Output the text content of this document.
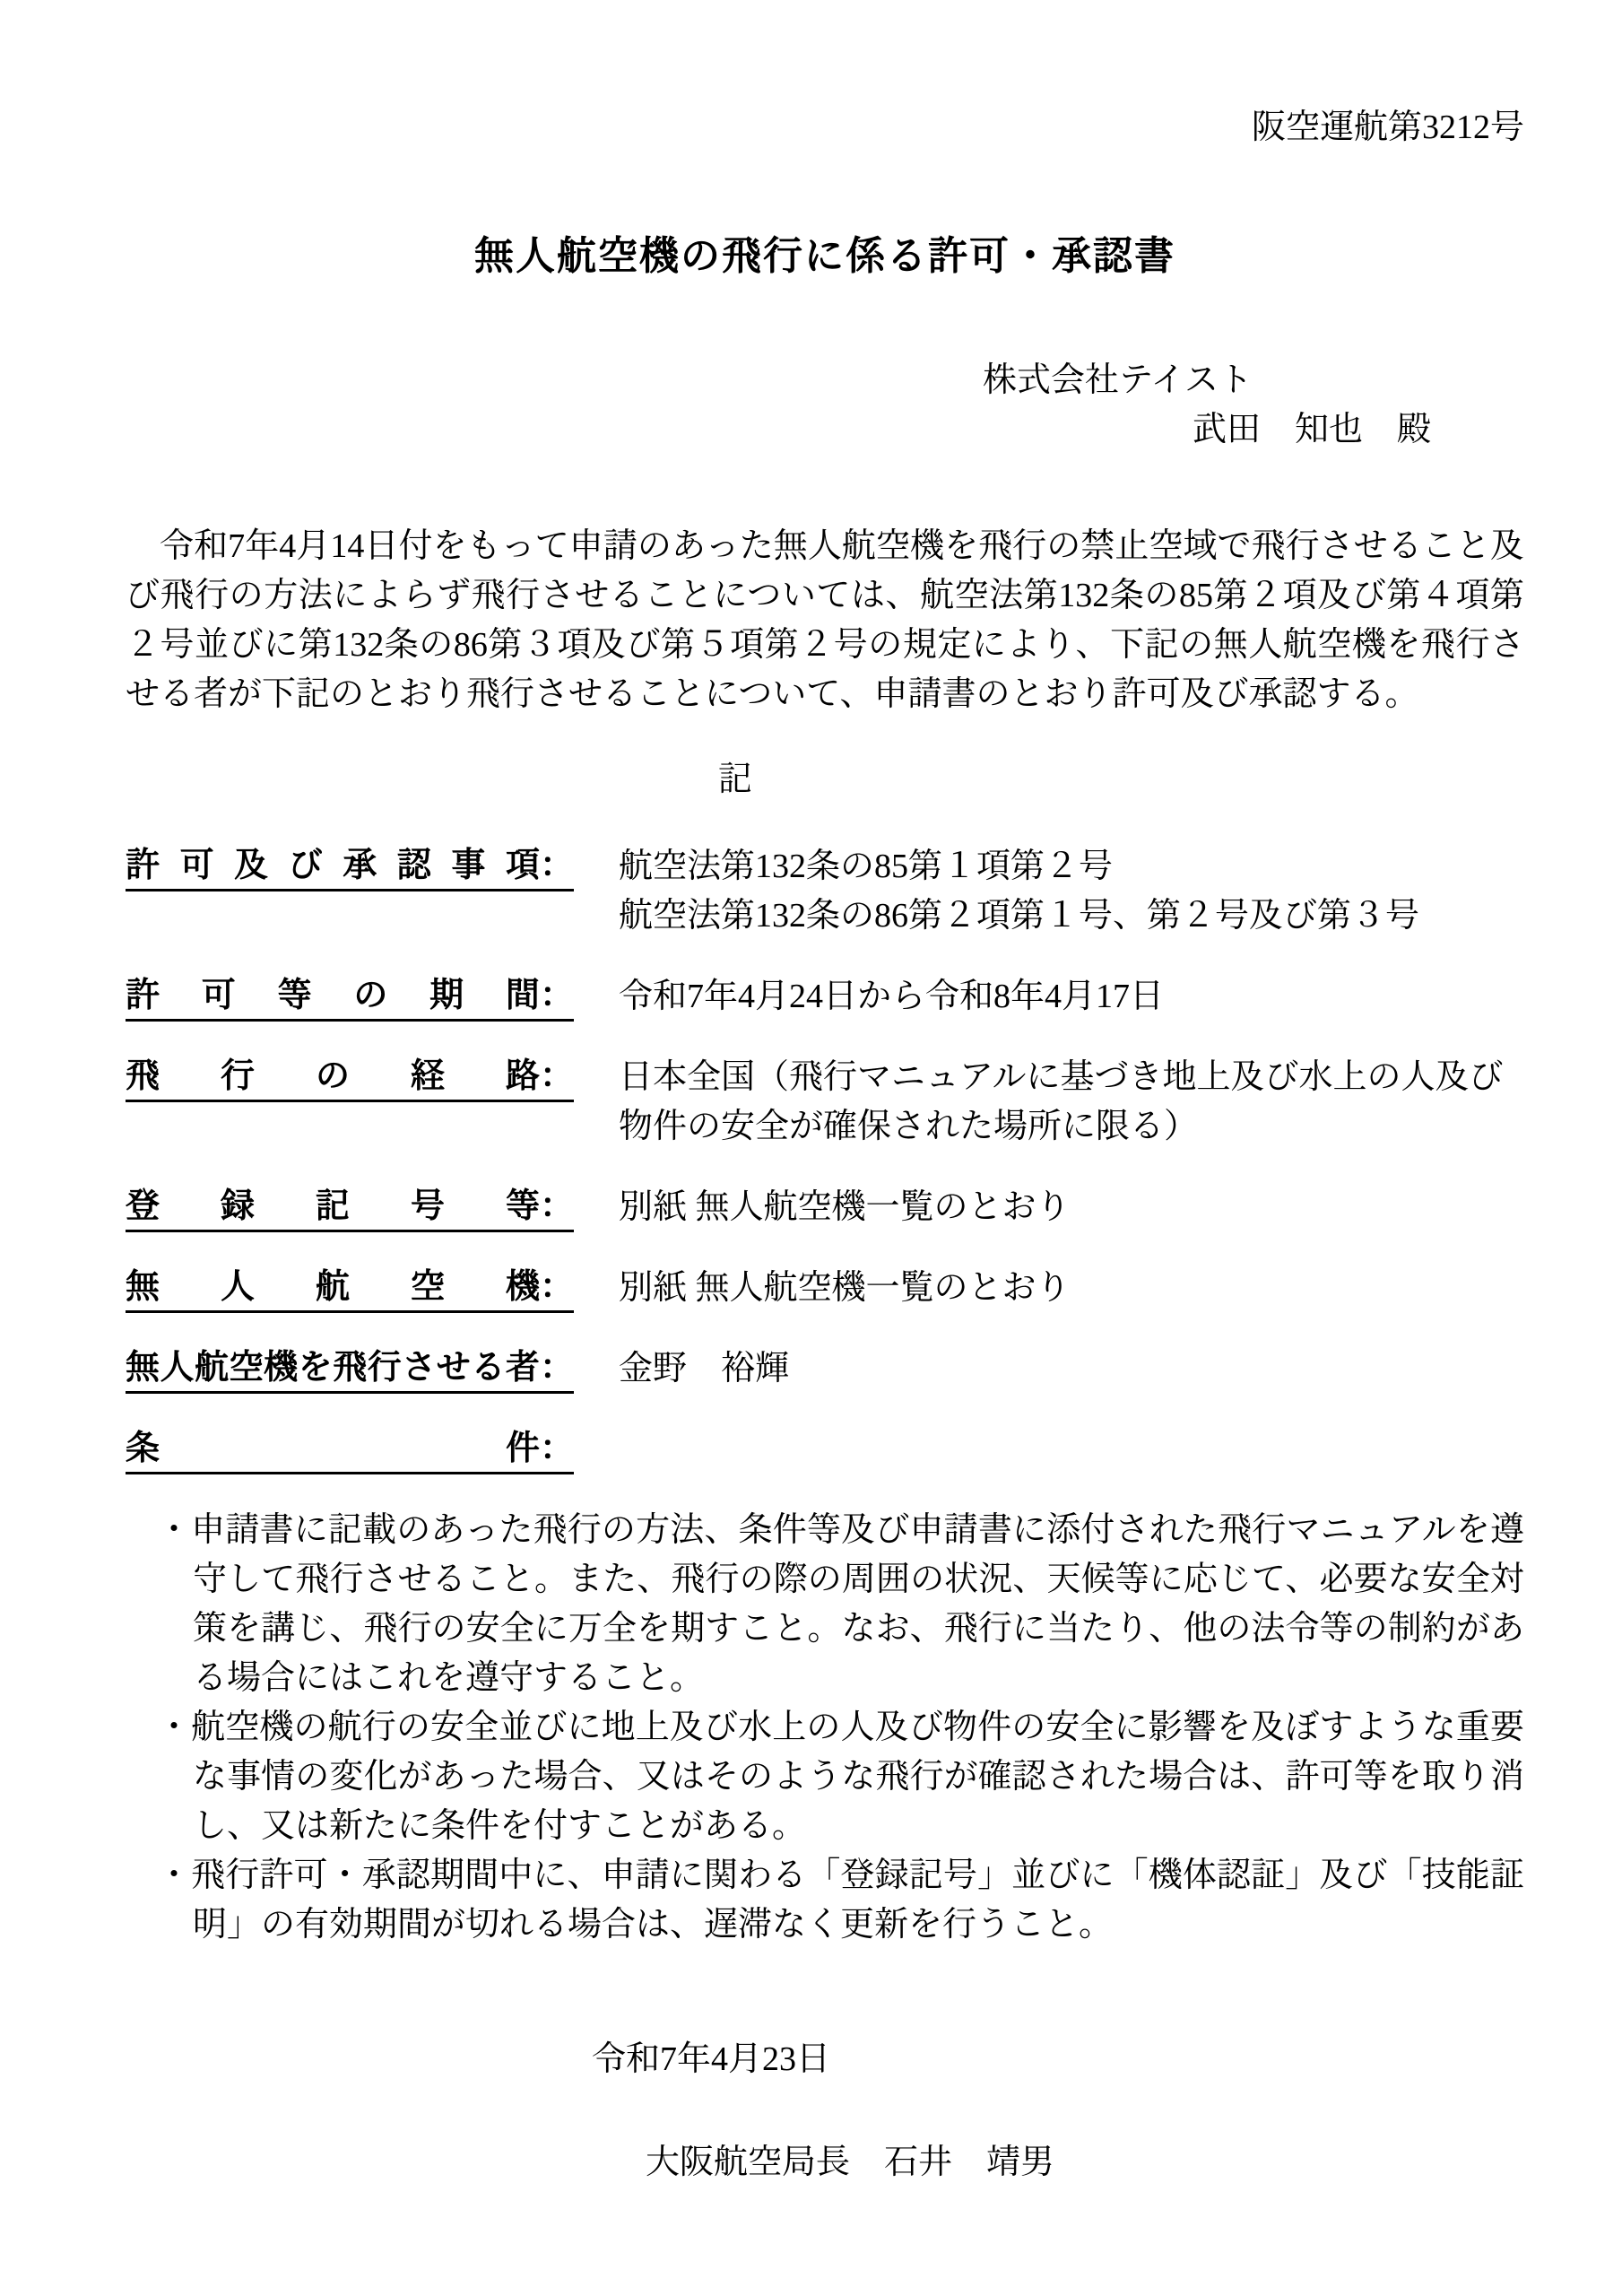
阪空運航第3212号
無人航空機の飛行に係る許可・承認書
株式会社テイスト
武田　知也　殿

　令和7年4月14日付をもって申請のあった無人航空機を飛行の禁止空域で飛行させること及び飛行の方法によらず飛行させることについては、航空法第132条の85第２項及び第４項第２号並びに第132条の86第３項及び第５項第２号の規定により、下記の無人航空機を飛行させる者が下記のとおり飛行させることについて、申請書のとおり許可及び承認する。

記
許 可 及 び 承 認 事 項 ： 航空法第132条の85第１項第２号
航空法第132条の86第２項第１号、第２号及び第３号
許 可 等 の 期 間 ： 令和7年4月24日から令和8年4月17日
飛 行 の 経 路 ： 日本全国（飛行マニュアルに基づき地上及び水上の人及び物件の安全が確保された場所に限る）
登 録 記 号 等 ： 別紙 無人航空機一覧のとおり
無 人 航 空 機 ： 別紙 無人航空機一覧のとおり
無 人 航 空 機 を 飛 行 さ せ る 者 ： 金野　裕輝
条	件 ：
・申請書に記載のあった飛行の方法、条件等及び申請書に添付された飛行マニュアルを遵守して飛行させること。また、飛行の際の周囲の状況、天候等に応じて、必要な安全対策を講じ、飛行の安全に万全を期すこと。なお、飛行に当たり、他の法令等の制約がある場合にはこれを遵守すること。
・航空機の航行の安全並びに地上及び水上の人及び物件の安全に影響を及ぼすような重要な事情の変化があった場合、又はそのような飛行が確認された場合は、許可等を取り消し、又は新たに条件を付すことがある。
・飛行許可・承認期間中に、申請に関わる「登録記号」並びに「機体認証」及び「技能証明」の有効期間が切れる場合は、遅滞なく更新を行うこと。
令和7年4月23日
大阪航空局長　石井　靖男
